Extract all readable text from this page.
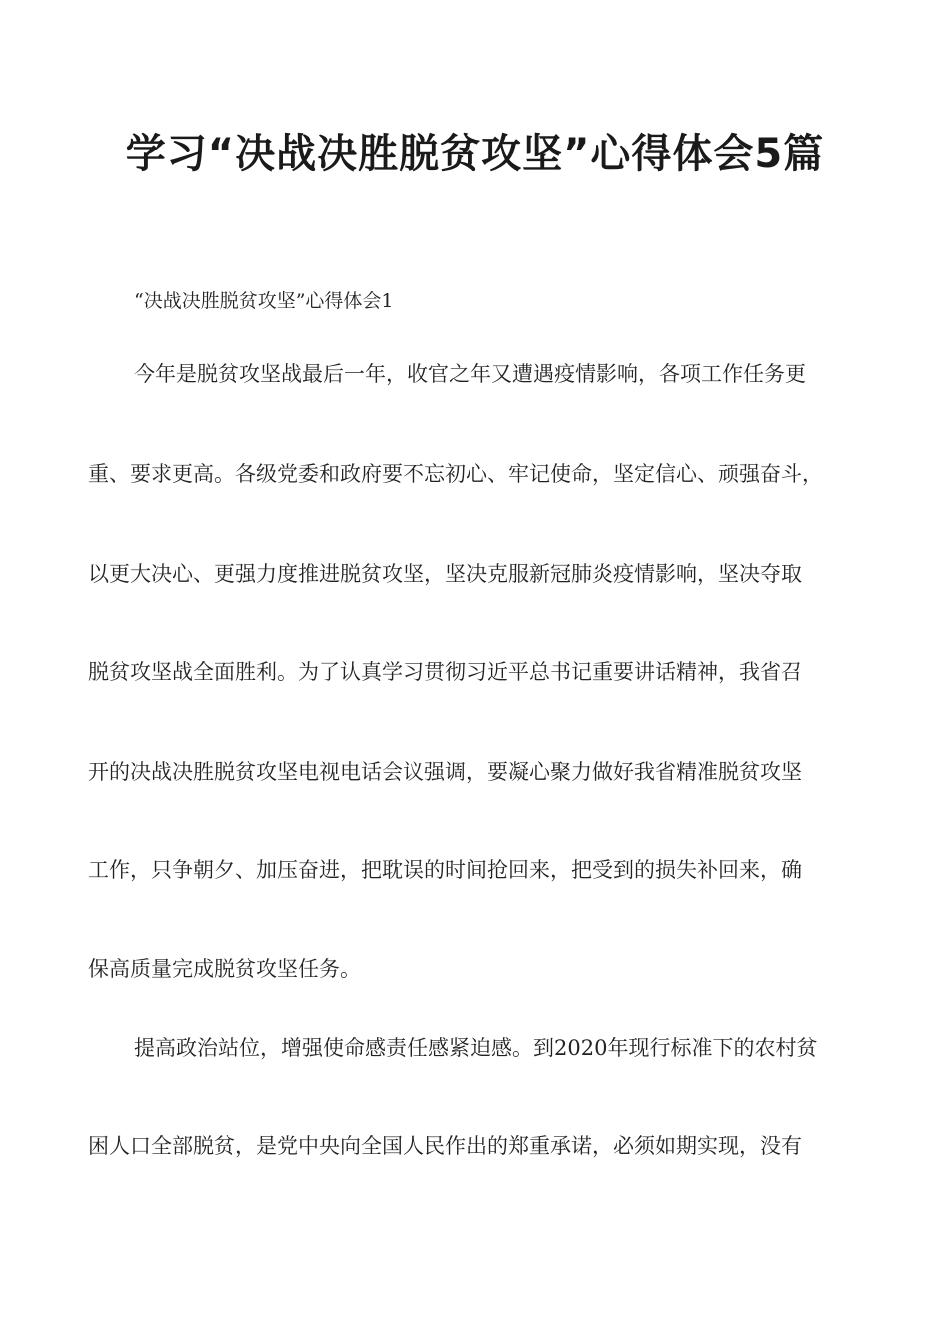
学习“决战决胜脱贫攻坚”心得体会5篇
“决战决胜脱贫攻坚”心得体会1
今年是脱贫攻坚战最后一年，收官之年又遭遇疫情影响，各项工作任务更
重、要求更高。各级党委和政府要不忘初心、牢记使命，坚定信心、顽强奋斗，
以更大决心、更强力度推进脱贫攻坚，坚决克服新冠肺炎疫情影响，坚决夺取
脱贫攻坚战全面胜利。为了认真学习贯彻习近平总书记重要讲话精神，我省召
开的决战决胜脱贫攻坚电视电话会议强调，要凝心聚力做好我省精准脱贫攻坚
工作，只争朝夕、加压奋进，把耽误的时间抢回来，把受到的损失补回来，确
保高质量完成脱贫攻坚任务。
提高政治站位，增强使命感责任感紧迫感。到2020年现行标准下的农村贫
困人口全部脱贫，是党中央向全国人民作出的郑重承诺，必须如期实现，没有
